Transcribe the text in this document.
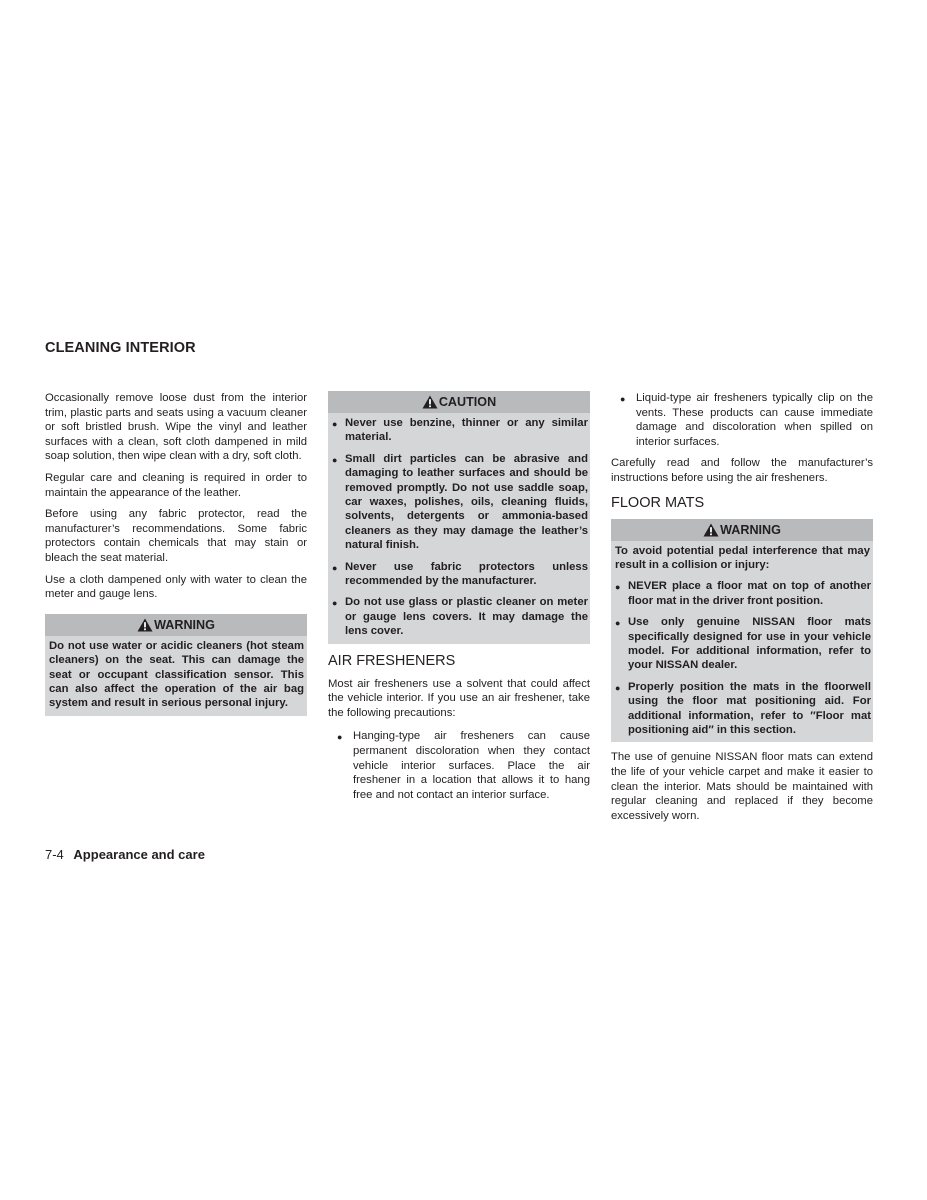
CLEANING INTERIOR

Occasionally remove loose dust from the interior trim, plastic parts and seats using a vacuum cleaner or soft bristled brush. Wipe the vinyl and leather surfaces with a clean, soft cloth dampened in mild soap solution, then wipe clean with a dry, soft cloth.

Regular care and cleaning is required in order to maintain the appearance of the leather.

Before using any fabric protector, read the manufacturer’s recommendations. Some fabric protectors contain chemicals that may stain or bleach the seat material.

Use a cloth dampened only with water to clean the meter and gauge lens.

WARNING

Do not use water or acidic cleaners (hot steam cleaners) on the seat. This can damage the seat or occupant classification sensor. This can also affect the operation of the air bag system and result in serious personal injury.

CAUTION
● Never use benzine, thinner or any similar material.
● Small dirt particles can be abrasive and damaging to leather surfaces and should be removed promptly. Do not use saddle soap, car waxes, polishes, oils, cleaning fluids, solvents, detergents or ammonia-based cleaners as they may damage the leather’s natural finish.
● Never use fabric protectors unless recommended by the manufacturer.
● Do not use glass or plastic cleaner on meter or gauge lens covers. It may damage the lens cover.
AIR FRESHENERS

Most air fresheners use a solvent that could affect the vehicle interior. If you use an air freshener, take the following precautions:

● Hanging-type air fresheners can cause permanent discoloration when they contact vehicle interior surfaces. Place the air freshener in a location that allows it to hang free and not contact an interior surface.
● Liquid-type air fresheners typically clip on the vents. These products can cause immediate damage and discoloration when spilled on interior surfaces.

Carefully read and follow the manufacturer’s instructions before using the air fresheners.

FLOOR MATS
WARNING

To avoid potential pedal interference that may result in a collision or injury:

● NEVER place a floor mat on top of another floor mat in the driver front position.
● Use only genuine NISSAN floor mats specifically designed for use in your vehicle model. For additional information, refer to your NISSAN dealer.
● Properly position the mats in the floorwell using the floor mat positioning aid. For additional information, refer to ″Floor mat positioning aid″ in this section.

The use of genuine NISSAN floor mats can extend the life of your vehicle carpet and make it easier to clean the interior. Mats should be maintained with regular cleaning and replaced if they become excessively worn.

7-4 Appearance and care
